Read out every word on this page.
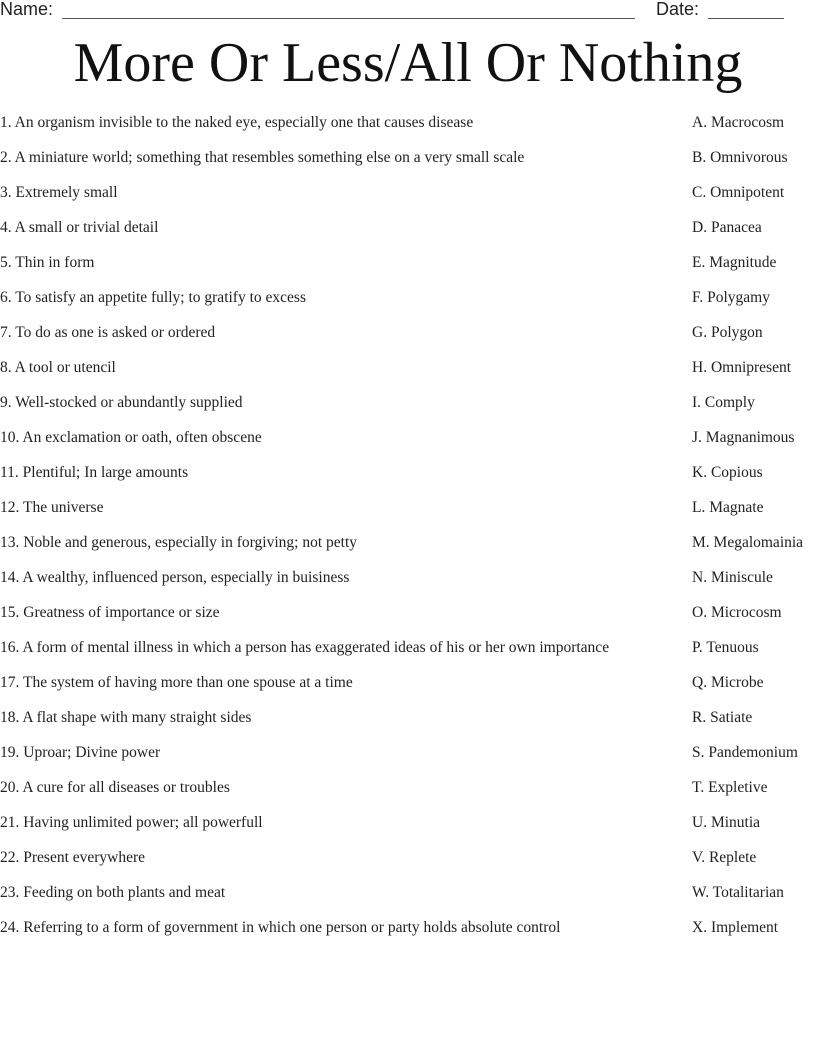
Name:	Date:
More Or Less/All Or Nothing
1. An organism invisible to the naked eye, especially one that causes disease	A. Macrocosm
2. A miniature world; something that resembles something else on a very small scale	B. Omnivorous
3. Extremely small	C. Omnipotent
4. A small or trivial detail	D. Panacea
5. Thin in form	E. Magnitude
6. To satisfy an appetite fully; to gratify to excess	F. Polygamy
7. To do as one is asked or ordered	G. Polygon
8. A tool or utencil	H. Omnipresent
9. Well-stocked or abundantly supplied	I. Comply
10. An exclamation or oath, often obscene	J. Magnanimous
11. Plentiful; In large amounts	K. Copious
12. The universe	L. Magnate
13. Noble and generous, especially in forgiving; not petty	M. Megalomainia
14. A wealthy, influenced person, especially in buisiness	N. Miniscule
15. Greatness of importance or size	O. Microcosm
16. A form of mental illness in which a person has exaggerated ideas of his or her own importance	P. Tenuous
17. The system of having more than one spouse at a time	Q. Microbe
18. A flat shape with many straight sides	R. Satiate
19. Uproar; Divine power	S. Pandemonium
20. A cure for all diseases or troubles	T. Expletive
21. Having unlimited power; all powerfull	U. Minutia
22. Present everywhere	V. Replete
23. Feeding on both plants and meat	W. Totalitarian
24. Referring to a form of government in which one person or party holds absolute control	X. Implement
